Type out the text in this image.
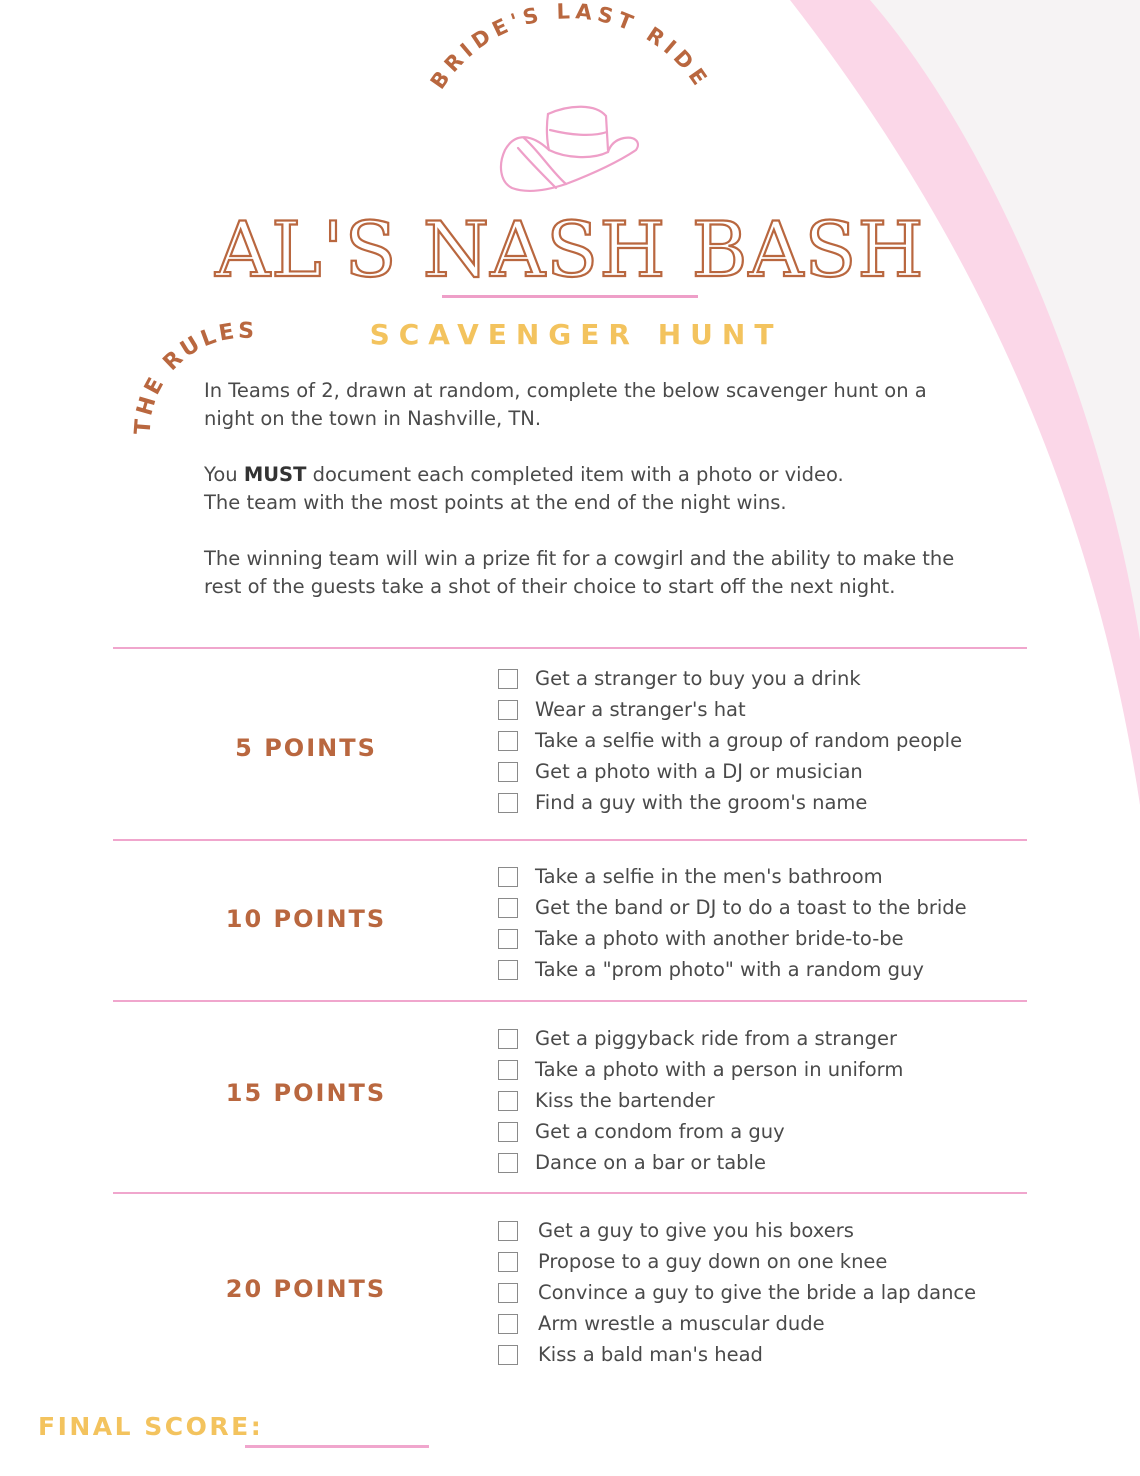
BRIDE'S LAST RIDE
THE RULES
AL'S NASH BASH
SCAVENGER HUNT

In Teams of 2, drawn at random, complete the below scavenger hunt on a night on the town in Nashville, TN.

You MUST document each completed item with a photo or video.
The team with the most points at the end of the night wins.

The winning team will win a prize fit for a cowgirl and the ability to make the rest of the guests take a shot of their choice to start off the next night.

5 POINTS
Get a stranger to buy you a drink
Wear a stranger's hat
Take a selfie with a group of random people
Get a photo with a DJ or musician
Find a guy with the groom's name
10 POINTS
Take a selfie in the men's bathroom
Get the band or DJ to do a toast to the bride
Take a photo with another bride-to-be
Take a "prom photo" with a random guy
15 POINTS
Get a piggyback ride from a stranger
Take a photo with a person in uniform
Kiss the bartender
Get a condom from a guy
Dance on a bar or table
20 POINTS
Get a guy to give you his boxers
Propose to a guy down on one knee
Convince a guy to give the bride a lap dance
Arm wrestle a muscular dude
Kiss a bald man's head
FINAL SCORE:
